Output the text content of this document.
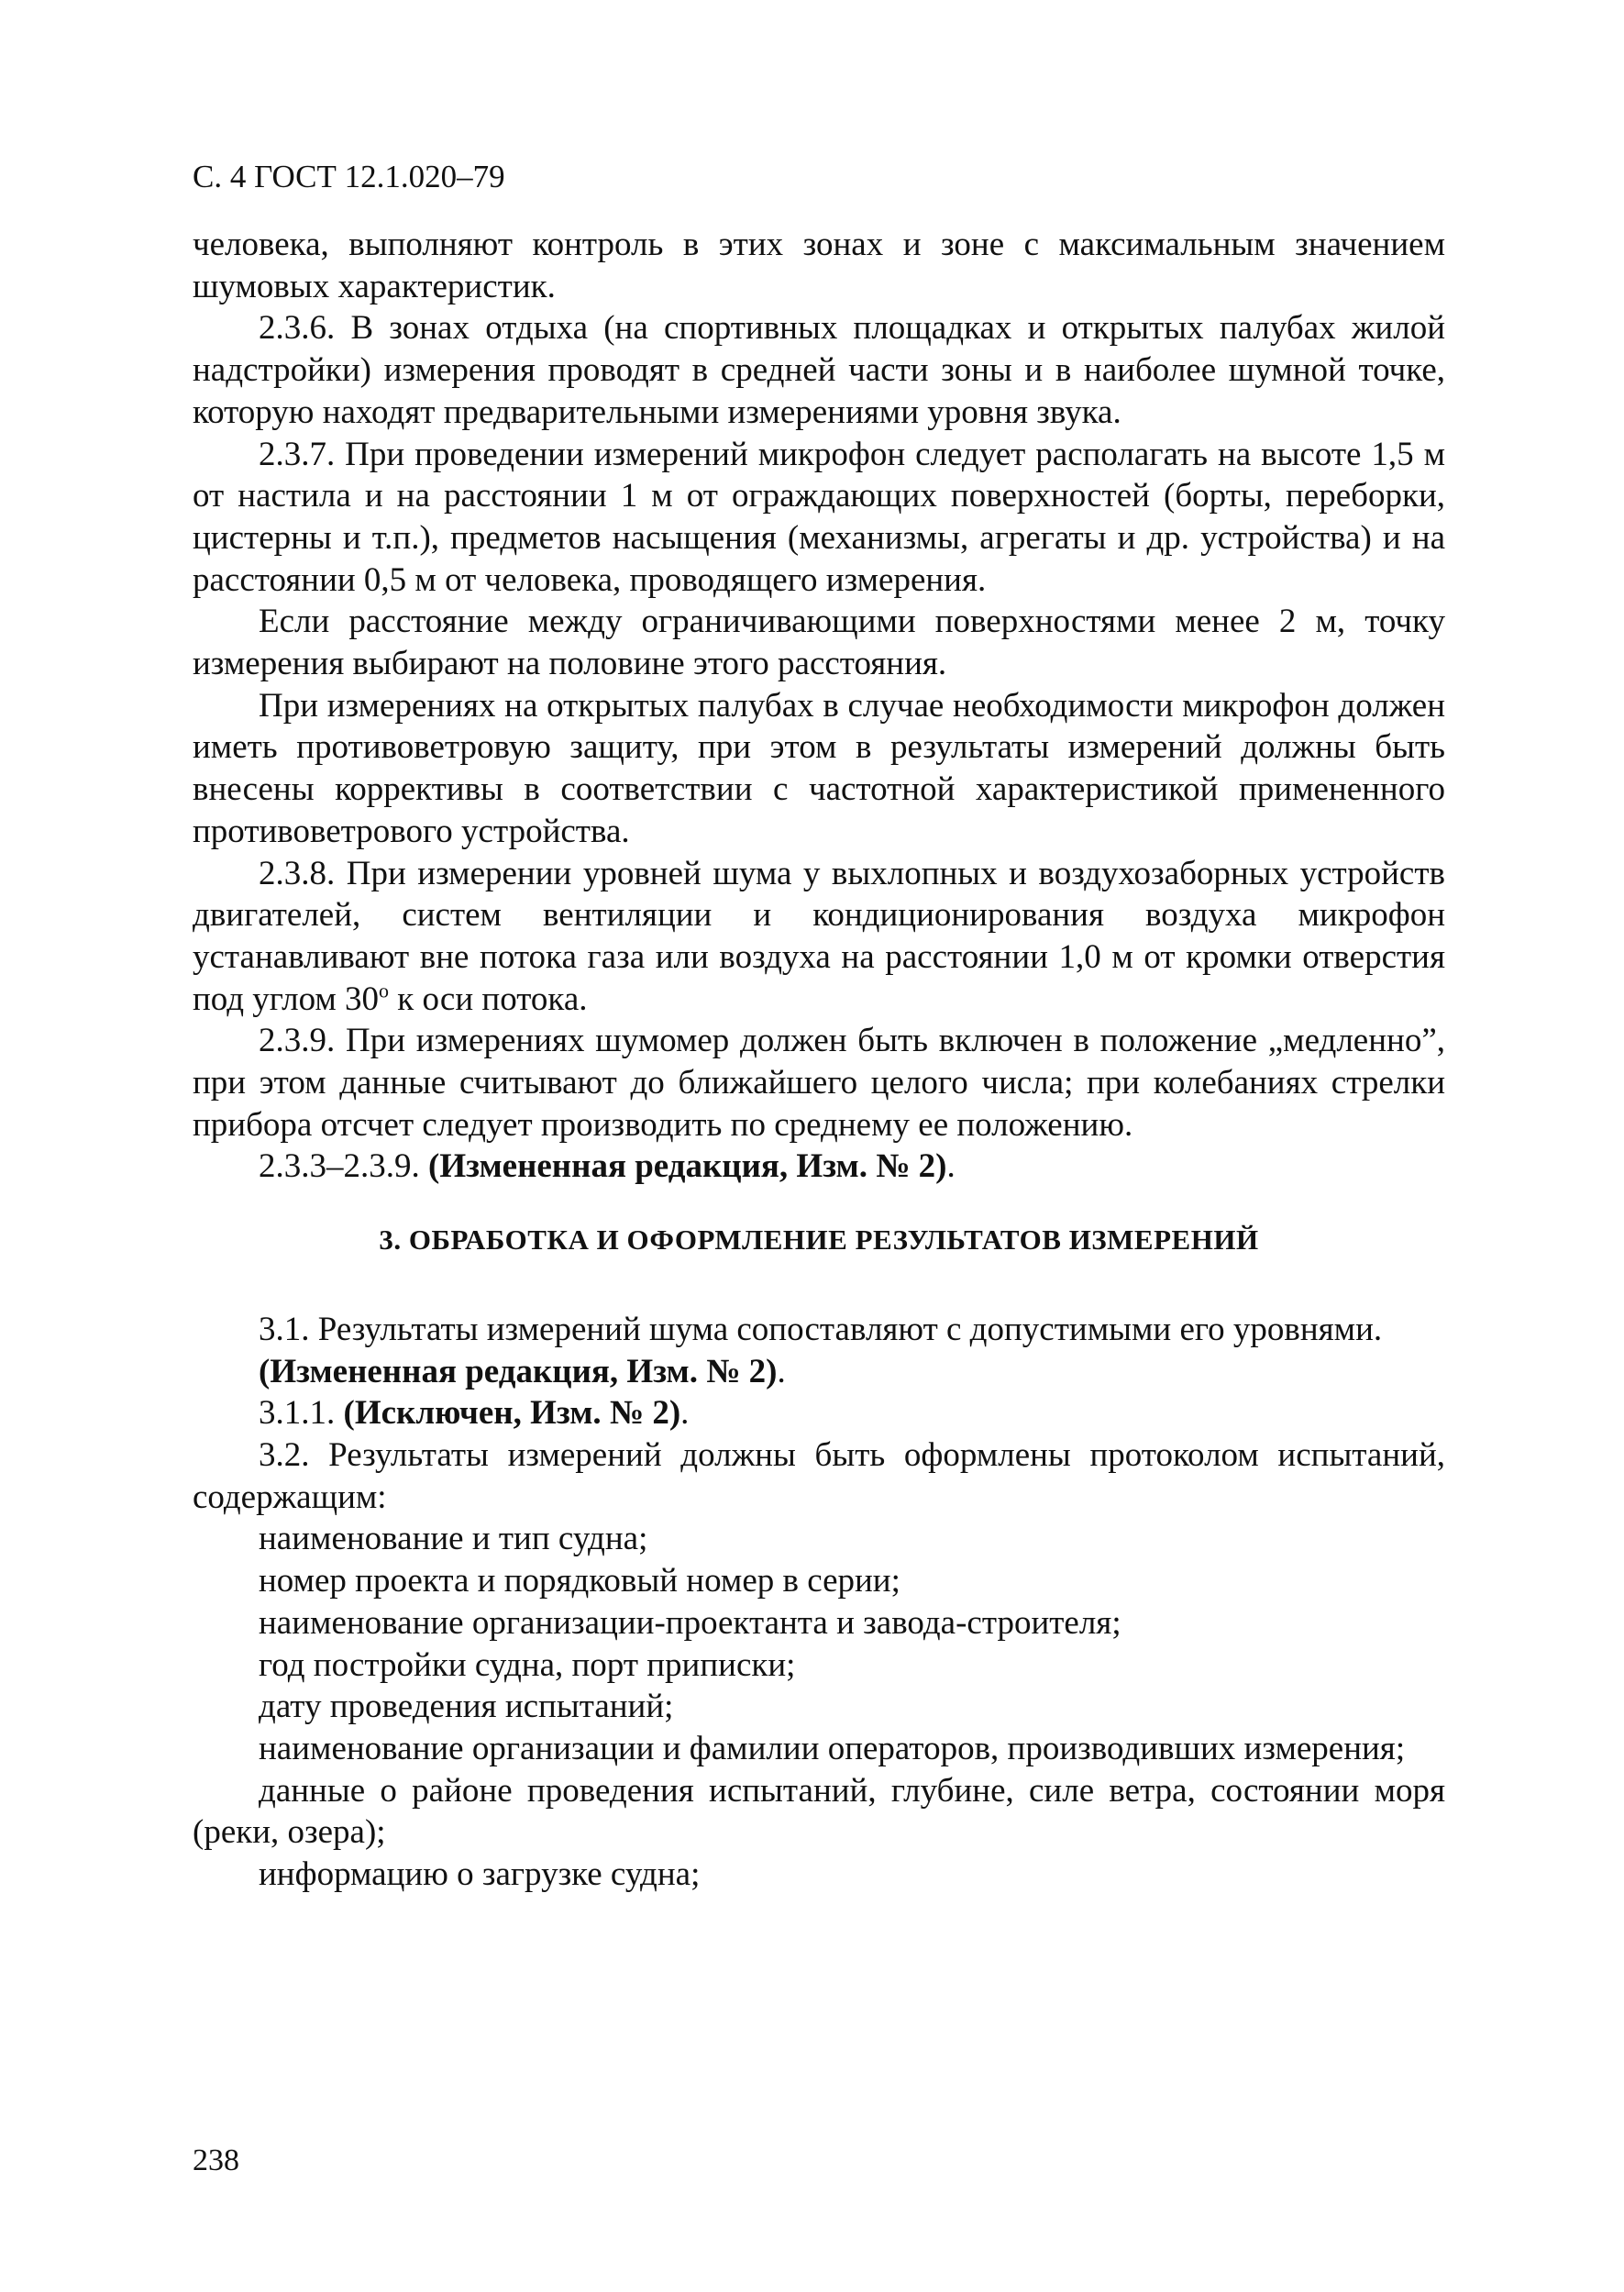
С. 4 ГОСТ 12.1.020–79

человека, выполняют контроль в этих зонах и зоне с максимальным значением шумовых характеристик.

2.3.6. В зонах отдыха (на спортивных площадках и открытых палубах жилой надстройки) измерения проводят в средней части зоны и в наиболее шумной точке, которую находят предварительными измерениями уровня звука.

2.3.7. При проведении измерений микрофон следует располагать на высоте 1,5 м от настила и на расстоянии 1 м от ограждающих поверхностей (борты, переборки, цистерны и т.п.), предметов насыщения (механизмы, агрегаты и др. устройства) и на расстоянии 0,5 м от человека, проводящего измерения.

Если расстояние между ограничивающими поверхностями менее 2 м, точку измерения выбирают на половине этого расстояния.

При измерениях на открытых палубах в случае необходимости микрофон должен иметь противоветровую защиту, при этом в результаты измерений должны быть внесены коррективы в соответствии с частотной характеристикой примененного противоветрового устройства.

2.3.8. При измерении уровней шума у выхлопных и воздухозаборных устройств двигателей, систем вентиляции и кондиционирования воздуха микрофон устанавливают вне потока газа или воздуха на расстоянии 1,0 м от кромки отверстия под углом $30^о$ к оси потока.

2.3.9. При измерениях шумомер должен быть включен в положение „медленно”, при этом данные считывают до ближайшего целого числа; при колебаниях стрелки прибора отсчет следует производить по среднему ее положению.

2.3.3–2.3.9. (Измененная редакция, Изм. № 2).

3. ОБРАБОТКА И ОФОРМЛЕНИЕ РЕЗУЛЬТАТОВ ИЗМЕРЕНИЙ

3.1. Результаты измерений шума сопоставляют с допустимыми его уровнями.

(Измененная редакция, Изм. № 2).

3.1.1. (Исключен, Изм. № 2).

3.2. Результаты измерений должны быть оформлены протоколом испытаний, содержащим:

наименование и тип судна;

номер проекта и порядковый номер в серии;

наименование организации-проектанта и завода-строителя;

год постройки судна, порт приписки;

дату проведения испытаний;

наименование организации и фамилии операторов, производивших измерения;

данные о районе проведения испытаний, глубине, силе ветра, состоянии моря (реки, озера);

информацию о загрузке судна;

238
